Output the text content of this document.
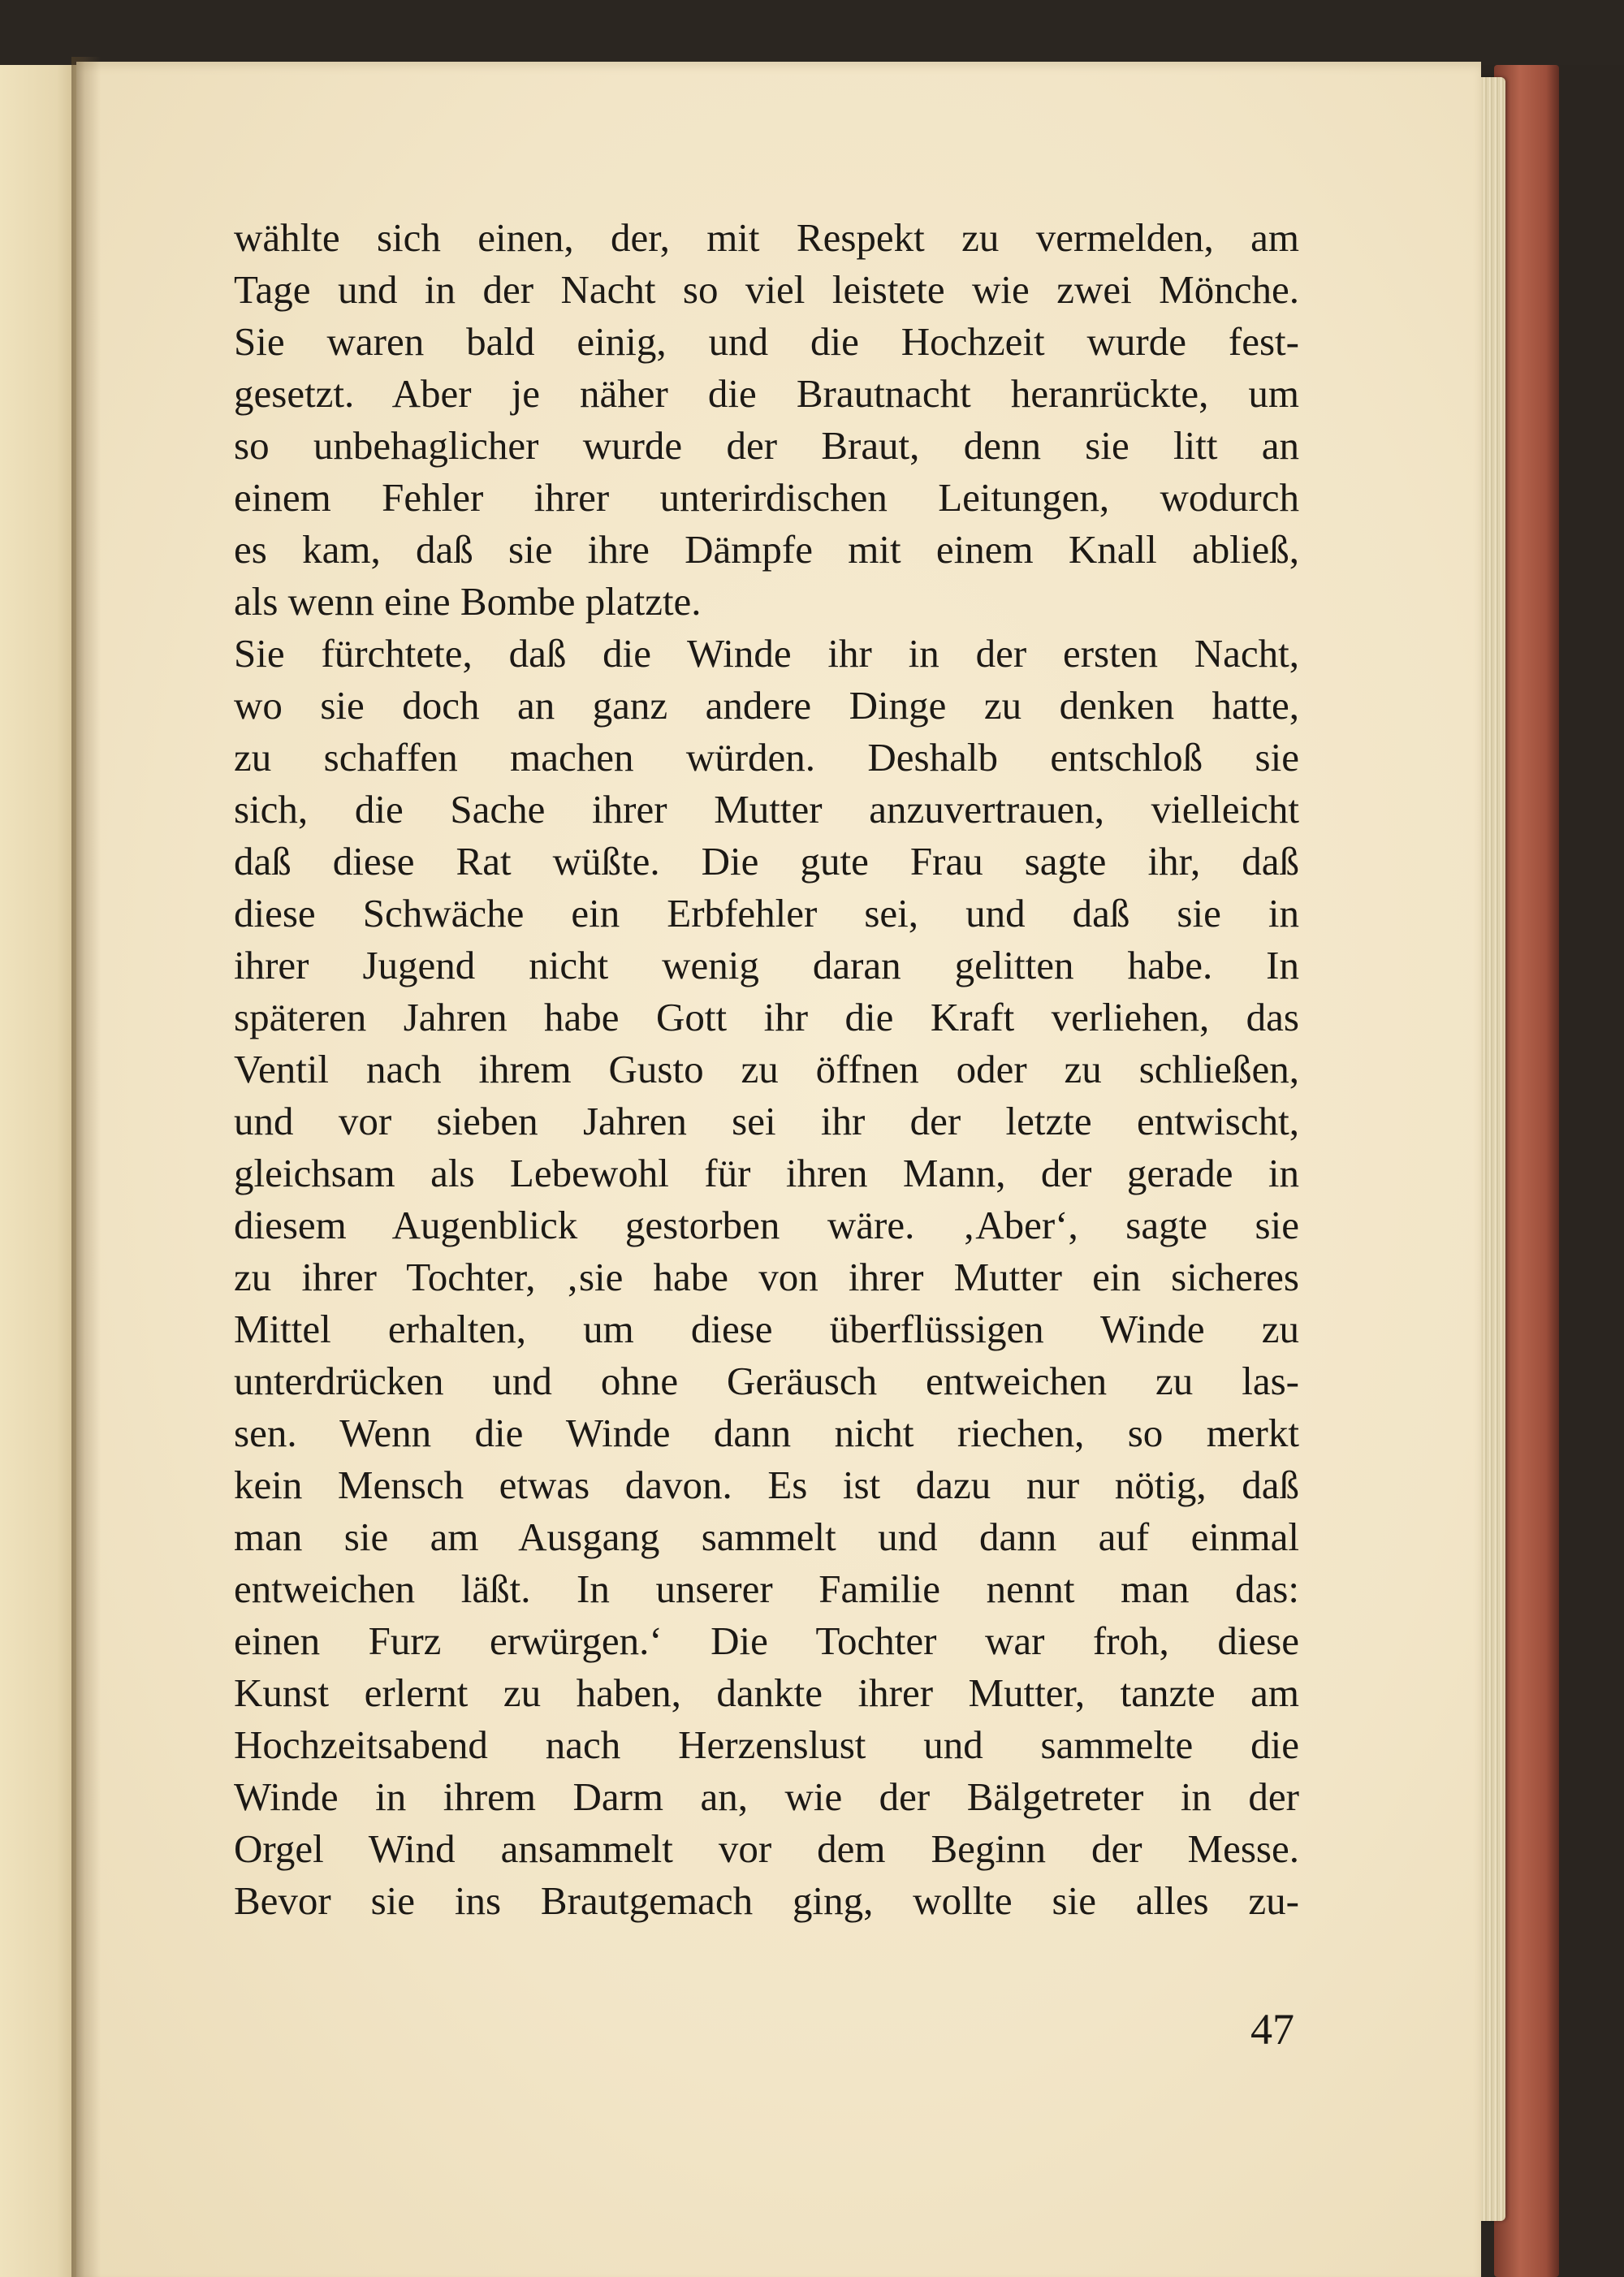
wählte sich einen, der, mit Respekt zu vermelden, am
Tage und in der Nacht so viel leistete wie zwei Mönche.
Sie waren bald einig, und die Hochzeit wurde fest-
gesetzt. Aber je näher die Brautnacht heranrückte, um
so unbehaglicher wurde der Braut, denn sie litt an
einem Fehler ihrer unterirdischen Leitungen, wodurch
es kam, daß sie ihre Dämpfe mit einem Knall abließ,
als wenn eine Bombe platzte.
Sie fürchtete, daß die Winde ihr in der ersten Nacht,
wo sie doch an ganz andere Dinge zu denken hatte,
zu schaffen machen würden. Deshalb entschloß sie
sich, die Sache ihrer Mutter anzuvertrauen, vielleicht
daß diese Rat wüßte. Die gute Frau sagte ihr, daß
diese Schwäche ein Erbfehler sei, und daß sie in
ihrer Jugend nicht wenig daran gelitten habe. In
späteren Jahren habe Gott ihr die Kraft verliehen, das
Ventil nach ihrem Gusto zu öffnen oder zu schließen,
und vor sieben Jahren sei ihr der letzte entwischt,
gleichsam als Lebewohl für ihren Mann, der gerade in
diesem Augenblick gestorben wäre. ‚Aber‘, sagte sie
zu ihrer Tochter, ‚sie habe von ihrer Mutter ein sicheres
Mittel erhalten, um diese überflüssigen Winde zu
unterdrücken und ohne Geräusch entweichen zu las-
sen. Wenn die Winde dann nicht riechen, so merkt
kein Mensch etwas davon. Es ist dazu nur nötig, daß
man sie am Ausgang sammelt und dann auf einmal
entweichen läßt. In unserer Familie nennt man das:
einen Furz erwürgen.‘ Die Tochter war froh, diese
Kunst erlernt zu haben, dankte ihrer Mutter, tanzte am
Hochzeitsabend nach Herzenslust und sammelte die
Winde in ihrem Darm an, wie der Bälgetreter in der
Orgel Wind ansammelt vor dem Beginn der Messe.
Bevor sie ins Brautgemach ging, wollte sie alles zu-
47
